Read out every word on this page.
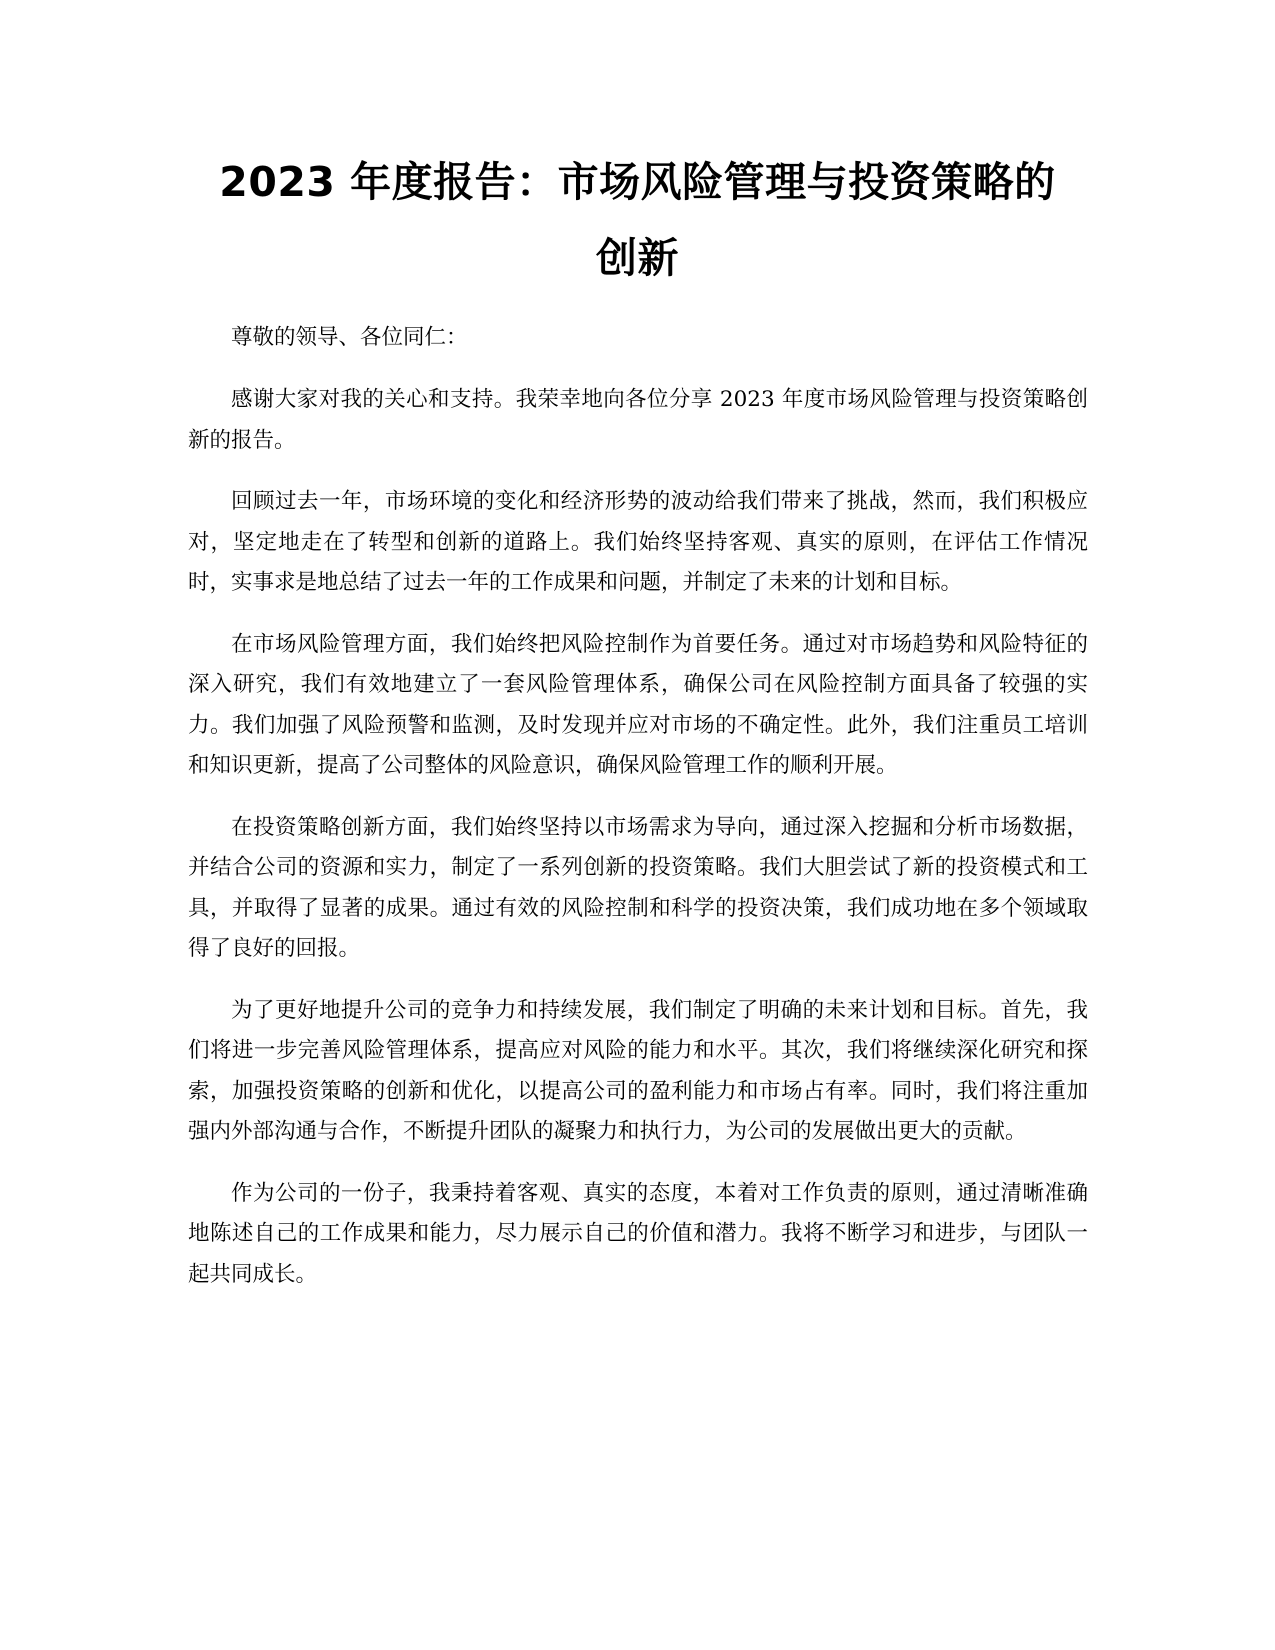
2023 年度报告：市场风险管理与投资策略的
创新

尊敬的领导、各位同仁：

感谢大家对我的关心和支持。我荣幸地向各位分享 2023 年度市场风险管理与投资策略创新的报告。

回顾过去一年，市场环境的变化和经济形势的波动给我们带来了挑战，然而，我们积极应对，坚定地走在了转型和创新的道路上。我们始终坚持客观、真实的原则，在评估工作情况时，实事求是地总结了过去一年的工作成果和问题，并制定了未来的计划和目标。

在市场风险管理方面，我们始终把风险控制作为首要任务。通过对市场趋势和风险特征的深入研究，我们有效地建立了一套风险管理体系，确保公司在风险控制方面具备了较强的实力。我们加强了风险预警和监测，及时发现并应对市场的不确定性。此外，我们注重员工培训和知识更新，提高了公司整体的风险意识，确保风险管理工作的顺利开展。

在投资策略创新方面，我们始终坚持以市场需求为导向，通过深入挖掘和分析市场数据，并结合公司的资源和实力，制定了一系列创新的投资策略。我们大胆尝试了新的投资模式和工具，并取得了显著的成果。通过有效的风险控制和科学的投资决策，我们成功地在多个领域取得了良好的回报。

为了更好地提升公司的竞争力和持续发展，我们制定了明确的未来计划和目标。首先，我们将进一步完善风险管理体系，提高应对风险的能力和水平。其次，我们将继续深化研究和探索，加强投资策略的创新和优化，以提高公司的盈利能力和市场占有率。同时，我们将注重加强内外部沟通与合作，不断提升团队的凝聚力和执行力，为公司的发展做出更大的贡献。

作为公司的一份子，我秉持着客观、真实的态度，本着对工作负责的原则，通过清晰准确地陈述自己的工作成果和能力，尽力展示自己的价值和潜力。我将不断学习和进步，与团队一起共同成长。
